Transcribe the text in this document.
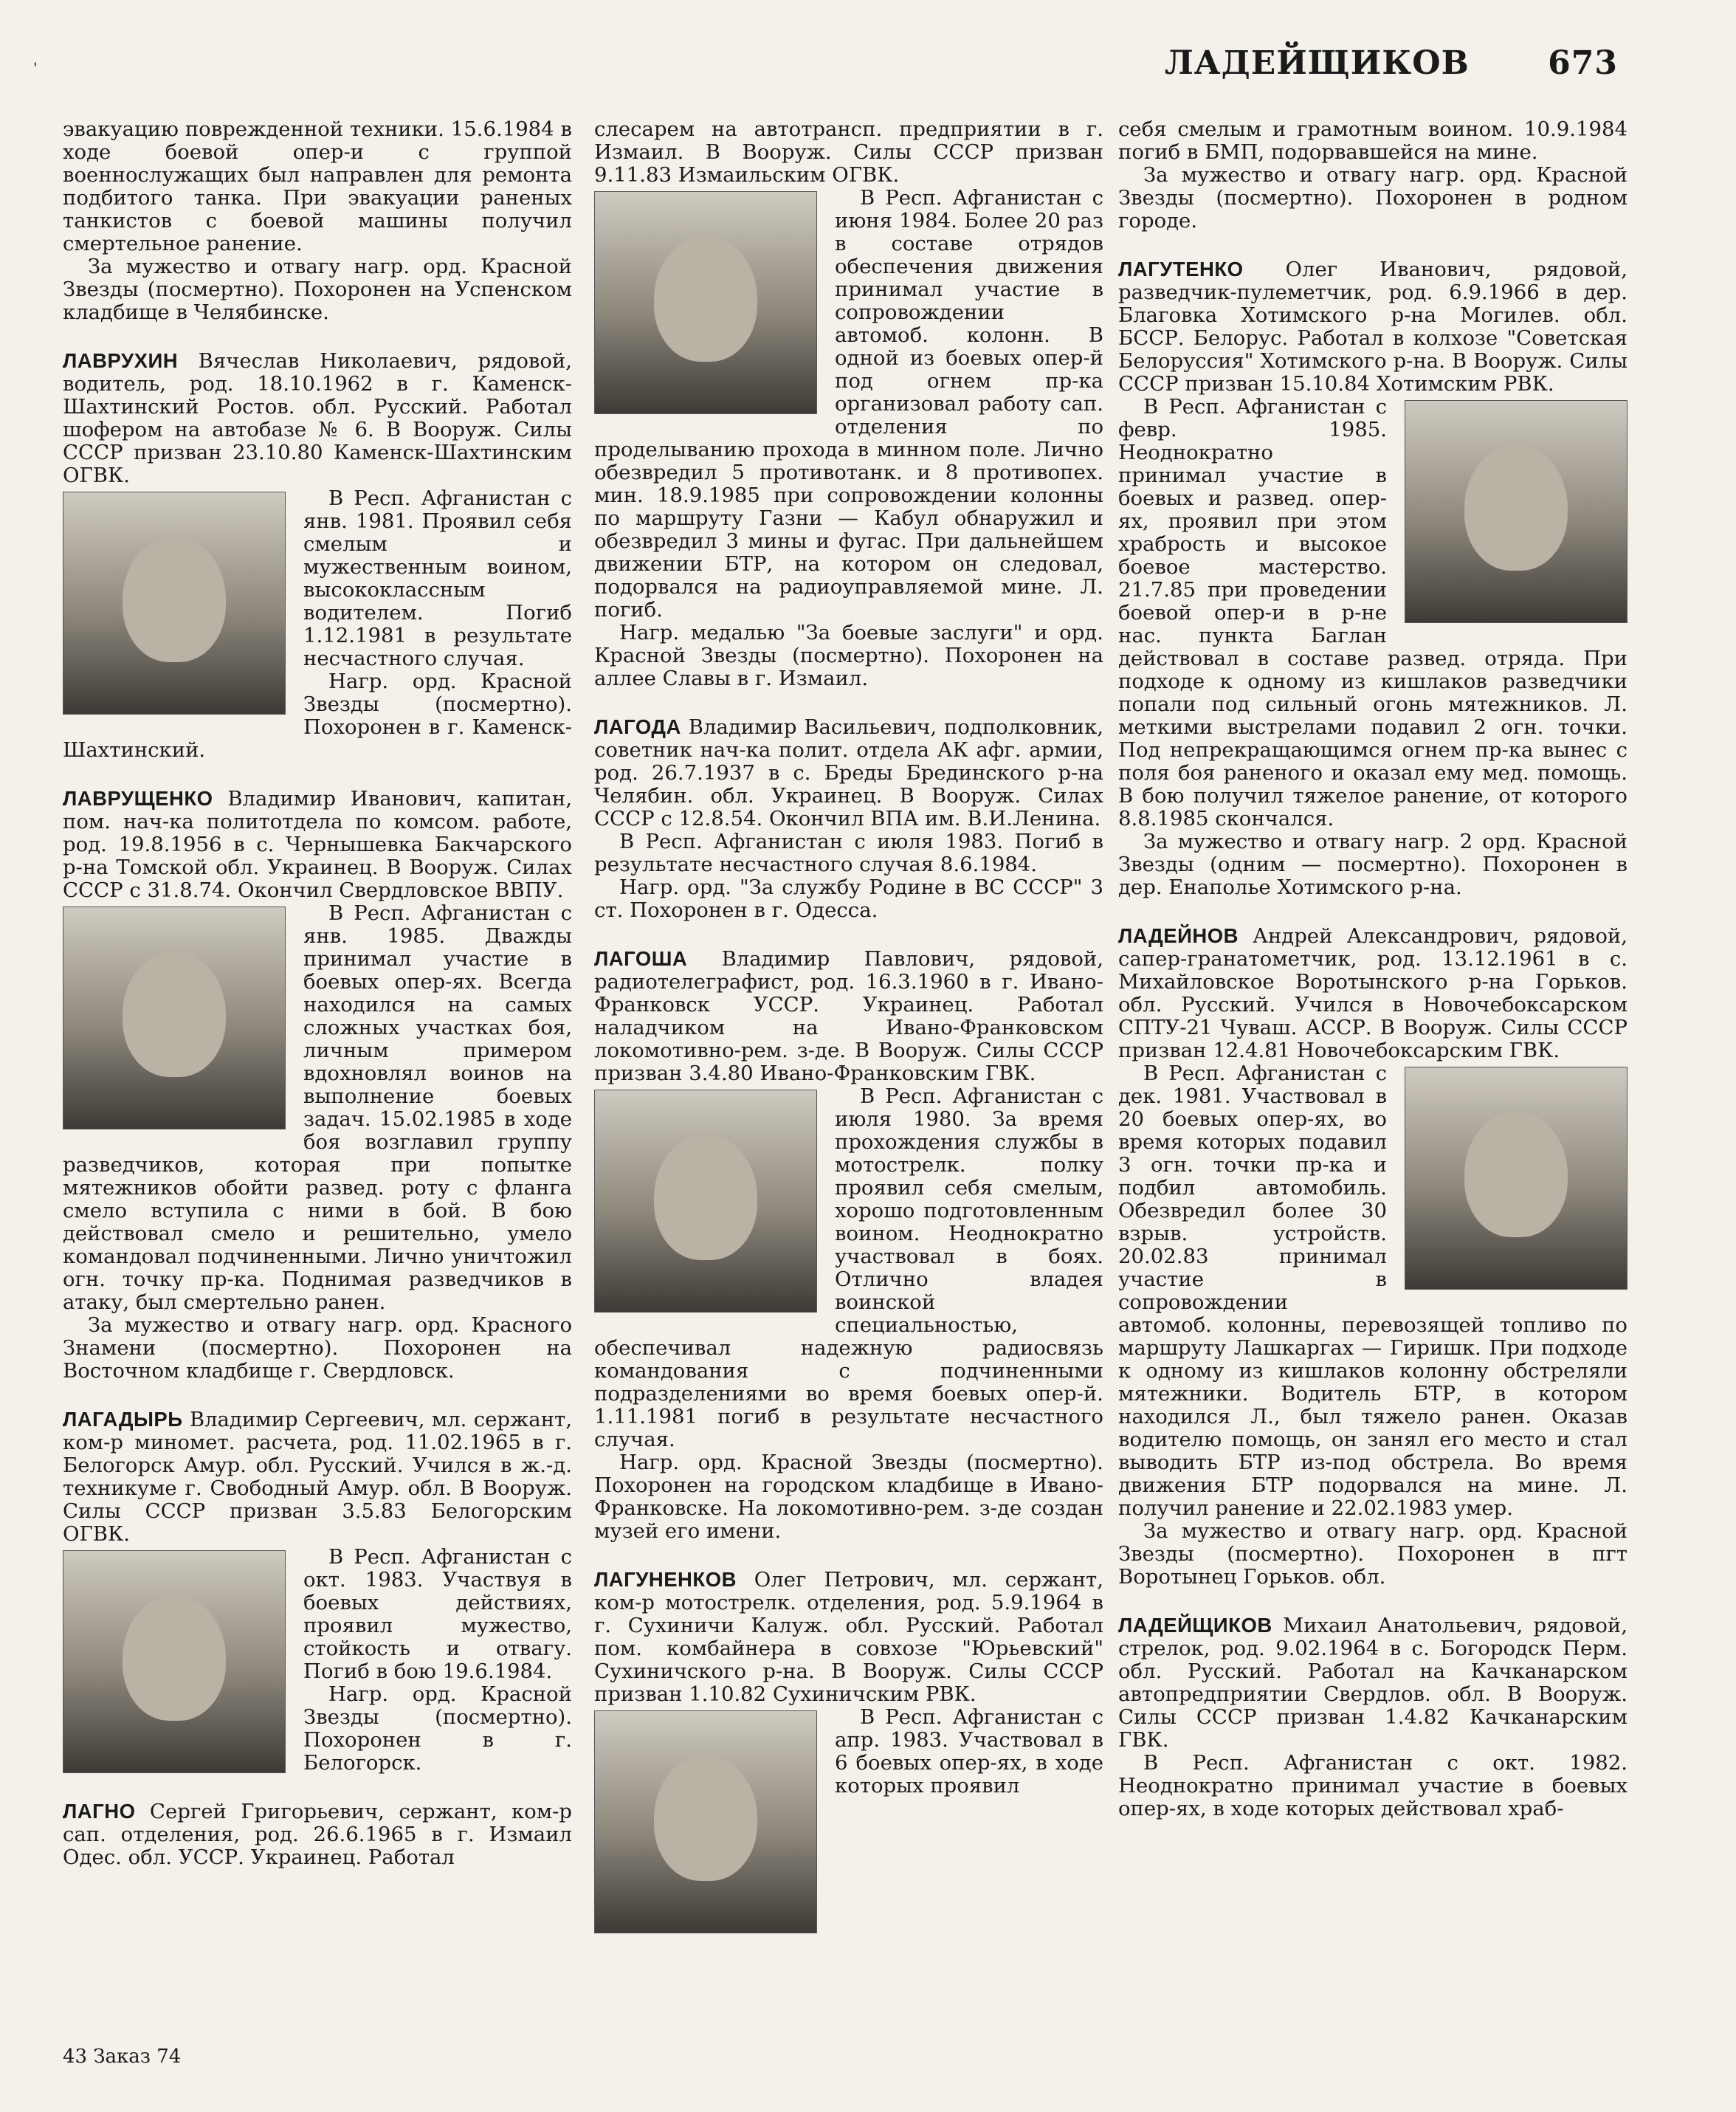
'	ЛАДЕЙЩИКОВ 673

эвакуацию поврежденной техники. 15.6.1984 в ходе боевой опер-и с группой военнослужащих был направлен для ремонта подбитого танка. При эвакуации раненых танкистов с боевой машины получил смертельное ранение.

За мужество и отвагу нагр. орд. Красной Звезды (посмертно). Похоронен на Успенском кладбище в Челябинске.

ЛАВРУХИН Вячеслав Николаевич, рядовой, водитель, род. 18.10.1962 в г. Каменск-Шахтинский Ростов. обл. Русский. Работал шофером на автобазе № 6. В Вооруж. Силы СССР призван 23.10.80 Каменск-Шахтинским ОГВК.

В Респ. Афганистан с янв. 1981. Проявил себя смелым и мужественным воином, высококлассным водителем. Погиб 1.12.1981 в результате несчастного случая.

Нагр. орд. Красной Звезды (посмертно). Похоронен в г. Каменск-Шахтинский.

ЛАВРУЩЕНКО Владимир Иванович, капитан, пом. нач-ка политотдела по комсом. работе, род. 19.8.1956 в с. Чернышевка Бакчарского р-на Томской обл. Украинец. В Вооруж. Силах СССР с 31.8.74. Окончил Свердловское ВВПУ.

В Респ. Афганистан с янв. 1985. Дважды принимал участие в боевых опер-ях. Всегда находился на самых сложных участках боя, личным примером вдохновлял воинов на выполнение боевых задач. 15.02.1985 в ходе боя возглавил группу разведчиков, которая при попытке мятежников обойти развед. роту с фланга смело вступила с ними в бой. В бою действовал смело и решительно, умело командовал подчиненными. Лично уничтожил огн. точку пр-ка. Поднимая разведчиков в атаку, был смертельно ранен.

За мужество и отвагу нагр. орд. Красного Знамени (посмертно). Похоронен на Восточном кладбище г. Свердловск.

ЛАГАДЫРЬ Владимир Сергеевич, мл. сержант, ком-р миномет. расчета, род. 11.02.1965 в г. Белогорск Амур. обл. Русский. Учился в ж.-д. техникуме г. Свободный Амур. обл. В Вооруж. Силы СССР призван 3.5.83 Белогорским ОГВК.

В Респ. Афганистан с окт. 1983. Участвуя в боевых действиях, проявил мужество, стойкость и отвагу. Погиб в бою 19.6.1984.

Нагр. орд. Красной Звезды (посмертно). Похоронен в г. Белогорск.

ЛАГНО Сергей Григорьевич, сержант, ком-р сап. отделения, род. 26.6.1965 в г. Измаил Одес. обл. УССР. Украинец. Работал

слесарем на автотрансп. предприятии в г. Измаил. В Вооруж. Силы СССР призван 9.11.83 Измаильским ОГВК.

В Респ. Афганистан с июня 1984. Более 20 раз в составе отрядов обеспечения движения принимал участие в сопровождении автомоб. колонн. В одной из боевых опер-й под огнем пр-ка организовал работу сап. отделения по проделыванию прохода в минном поле. Лично обезвредил 5 противотанк. и 8 противопех. мин. 18.9.1985 при сопровождении колонны по маршруту Газни — Кабул обнаружил и обезвредил 3 мины и фугас. При дальнейшем движении БТР, на котором он следовал, подорвался на радиоуправляемой мине. Л. погиб.

Нагр. медалью "За боевые заслуги" и орд. Красной Звезды (посмертно). Похоронен на аллее Славы в г. Измаил.

ЛАГОДА Владимир Васильевич, подполковник, советник нач-ка полит. отдела АК афг. армии, род. 26.7.1937 в с. Бреды Брединского р-на Челябин. обл. Украинец. В Вооруж. Силах СССР с 12.8.54. Окончил ВПА им. В.И.Ленина.

В Респ. Афганистан с июля 1983. Погиб в результате несчастного случая 8.6.1984.

Нагр. орд. "За службу Родине в ВС СССР" 3 ст. Похоронен в г. Одесса.

ЛАГОША Владимир Павлович, рядовой, радиотелеграфист, род. 16.3.1960 в г. Ивано-Франковск УССР. Украинец. Работал наладчиком на Ивано-Франковском локомотивно-рем. з-де. В Вооруж. Силы СССР призван 3.4.80 Ивано-Франковским ГВК.

В Респ. Афганистан с июля 1980. За время прохождения службы в мотострелк. полку проявил себя смелым, хорошо подготовленным воином. Неоднократно участвовал в боях. Отлично владея воинской специальностью, обеспечивал надежную радиосвязь командования с подчиненными подразделениями во время боевых опер-й. 1.11.1981 погиб в результате несчастного случая.

Нагр. орд. Красной Звезды (посмертно). Похоронен на городском кладбище в Ивано-Франковске. На локомотивно-рем. з-де создан музей его имени.

ЛАГУНЕНКОВ Олег Петрович, мл. сержант, ком-р мотострелк. отделения, род. 5.9.1964 в г. Сухиничи Калуж. обл. Русский. Работал пом. комбайнера в совхозе "Юрьевский" Сухиничского р-на. В Вооруж. Силы СССР призван 1.10.82 Сухиничским РВК.

В Респ. Афганистан с апр. 1983. Участвовал в 6 боевых опер-ях, в ходе которых проявил

себя смелым и грамотным воином. 10.9.1984 погиб в БМП, подорвавшейся на мине.

За мужество и отвагу нагр. орд. Красной Звезды (посмертно). Похоронен в родном городе.

ЛАГУТЕНКО Олег Иванович, рядовой, разведчик-пулеметчик, род. 6.9.1966 в дер. Благовка Хотимского р-на Могилев. обл. БССР. Белорус. Работал в колхозе "Советская Белоруссия" Хотимского р-на. В Вооруж. Силы СССР призван 15.10.84 Хотимским РВК.

В Респ. Афганистан с февр. 1985. Неоднократно принимал участие в боевых и развед. опер-ях, проявил при этом храбрость и высокое боевое мастерство. 21.7.85 при проведении боевой опер-и в р-не нас. пункта Баглан действовал в составе развед. отряда. При подходе к одному из кишлаков разведчики попали под сильный огонь мятежников. Л. меткими выстрелами подавил 2 огн. точки. Под непрекращающимся огнем пр-ка вынес с поля боя раненого и оказал ему мед. помощь. В бою получил тяжелое ранение, от которого 8.8.1985 скончался.

За мужество и отвагу нагр. 2 орд. Красной Звезды (одним — посмертно). Похоронен в дер. Енаполье Хотимского р-на.

ЛАДЕЙНОВ Андрей Александрович, рядовой, сапер-гранатометчик, род. 13.12.1961 в с. Михайловское Воротынского р-на Горьков. обл. Русский. Учился в Новочебоксарском СПТУ-21 Чуваш. АССР. В Вооруж. Силы СССР призван 12.4.81 Новочебоксарским ГВК.

В Респ. Афганистан с дек. 1981. Участвовал в 20 боевых опер-ях, во время которых подавил 3 огн. точки пр-ка и подбил автомобиль. Обезвредил более 30 взрыв. устройств. 20.02.83 принимал участие в сопровождении автомоб. колонны, перевозящей топливо по маршруту Лашкаргах — Гиришк. При подходе к одному из кишлаков колонну обстреляли мятежники. Водитель БТР, в котором находился Л., был тяжело ранен. Оказав водителю помощь, он занял его место и стал выводить БТР из-под обстрела. Во время движения БТР подорвался на мине. Л. получил ранение и 22.02.1983 умер.

За мужество и отвагу нагр. орд. Красной Звезды (посмертно). Похоронен в пгт Воротынец Горьков. обл.

ЛАДЕЙЩИКОВ Михаил Анатольевич, рядовой, стрелок, род. 9.02.1964 в с. Богородск Перм. обл. Русский. Работал на Качканарском автопредприятии Свердлов. обл. В Вооруж. Силы СССР призван 1.4.82 Качканарским ГВК.

В Респ. Афганистан с окт. 1982. Неоднократно принимал участие в боевых опер-ях, в ходе которых действовал храб-

43 Заказ 74
